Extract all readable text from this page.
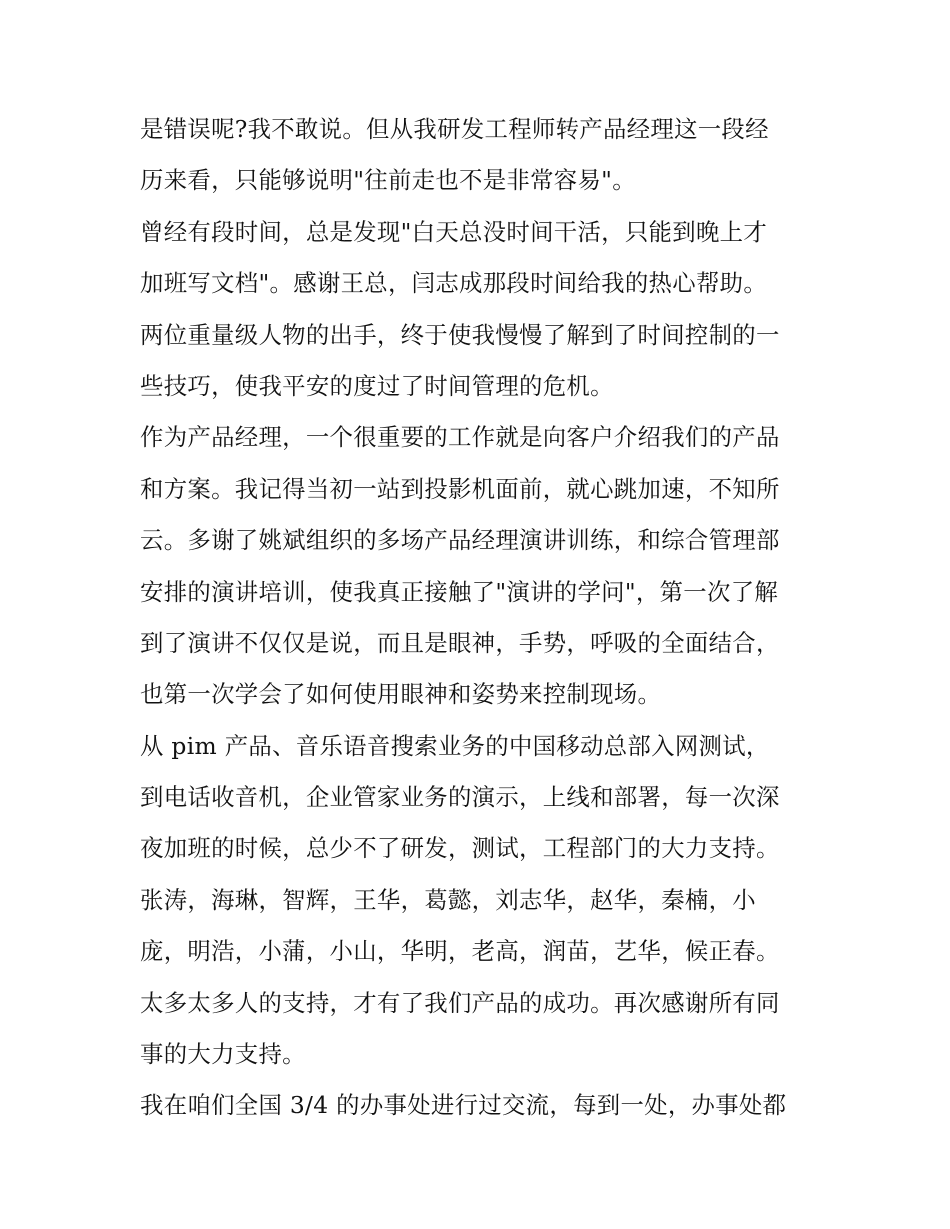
是错误呢?我不敢说。但从我研发工程师转产品经理这一段经
历来看，只能够说明"往前走也不是非常容易"。
曾经有段时间，总是发现"白天总没时间干活，只能到晚上才
加班写文档"。感谢王总，闫志成那段时间给我的热心帮助。
两位重量级人物的出手，终于使我慢慢了解到了时间控制的一
些技巧，使我平安的度过了时间管理的危机。
作为产品经理，一个很重要的工作就是向客户介绍我们的产品
和方案。我记得当初一站到投影机面前，就心跳加速，不知所
云。多谢了姚斌组织的多场产品经理演讲训练，和综合管理部
安排的演讲培训，使我真正接触了"演讲的学问"，第一次了解
到了演讲不仅仅是说，而且是眼神，手势，呼吸的全面结合，
也第一次学会了如何使用眼神和姿势来控制现场。
从 pim 产品、音乐语音搜索业务的中国移动总部入网测试，
到电话收音机，企业管家业务的演示，上线和部署，每一次深
夜加班的时候，总少不了研发，测试，工程部门的大力支持。
张涛，海琳，智辉，王华，葛懿，刘志华，赵华，秦楠，小
庞，明浩，小蒲，小山，华明，老高，润苗，艺华，候正春。
太多太多人的支持，才有了我们产品的成功。再次感谢所有同
事的大力支持。
我在咱们全国 3/4 的办事处进行过交流，每到一处，办事处都
